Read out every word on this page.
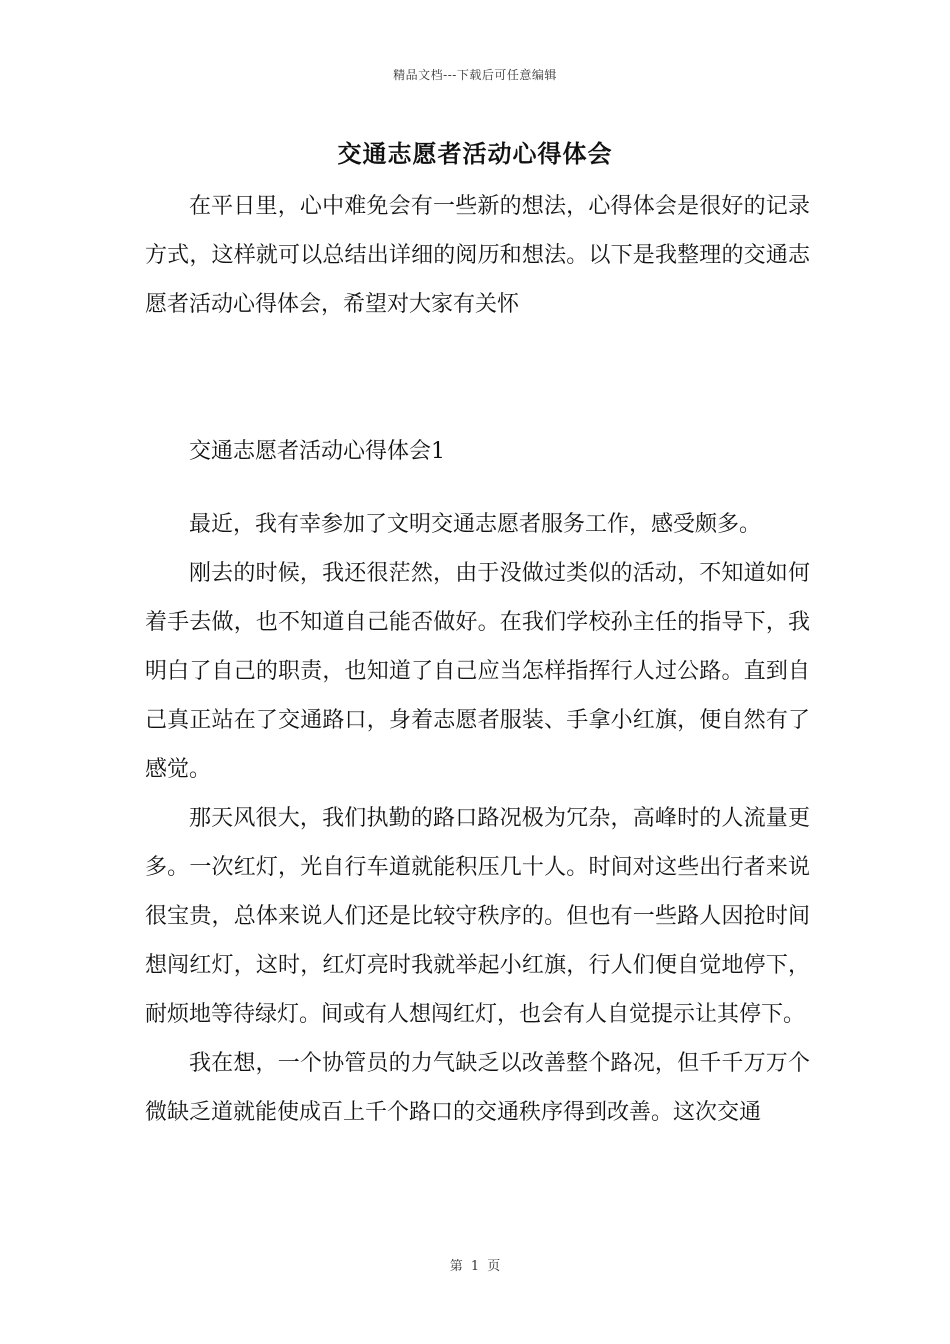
精品文档---下载后可任意编辑
交通志愿者活动心得体会

在平日里，心中难免会有一些新的想法，心得体会是很好的记录方式，这样就可以总结出详细的阅历和想法。以下是我整理的交通志愿者活动心得体会，希望对大家有关怀

交通志愿者活动心得体会1

最近，我有幸参加了文明交通志愿者服务工作，感受颇多。

刚去的时候，我还很茫然，由于没做过类似的活动，不知道如何着手去做，也不知道自己能否做好。在我们学校孙主任的指导下，我明白了自己的职责，也知道了自己应当怎样指挥行人过公路。直到自己真正站在了交通路口，身着志愿者服装、手拿小红旗，便自然有了感觉。

那天风很大，我们执勤的路口路况极为冗杂，高峰时的人流量更多。一次红灯，光自行车道就能积压几十人。时间对这些出行者来说很宝贵，总体来说人们还是比较守秩序的。但也有一些路人因抢时间想闯红灯，这时，红灯亮时我就举起小红旗，行人们便自觉地停下，耐烦地等待绿灯。间或有人想闯红灯，也会有人自觉提示让其停下。

我在想，一个协管员的力气缺乏以改善整个路况，但千千万万个微缺乏道就能使成百上千个路口的交通秩序得到改善。这次交通

第 1 页
